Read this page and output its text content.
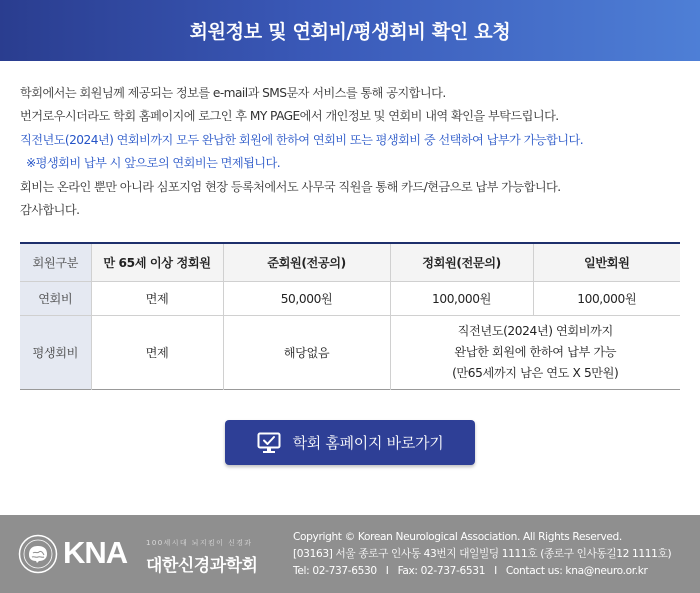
회원정보 및 연회비/평생회비 확인 요청

학회에서는 회원님께 제공되는 정보를 e-mail과 SMS문자 서비스를 통해 공지합니다.

번거로우시더라도 학회 홈페이지에 로그인 후 MY PAGE에서 개인정보 및 연회비 내역 확인을 부탁드립니다.

직전년도(2024년) 연회비까지 모두 완납한 회원에 한하여 연회비 또는 평생회비 중 선택하여 납부가 가능합니다.

※평생회비 납부 시 앞으로의 연회비는 면제됩니다.

회비는 온라인 뿐만 아니라 심포지엄 현장 등록처에서도 사무국 직원을 통해 카드/현금으로 납부 가능합니다.

감사합니다.

회원구분	만 65세 이상 정회원	준회원(전공의)	정회원(전문의)	일반회원
연회비	면제	50,000원	100,000원	100,000원
평생회비	면제	해당없음	직전년도(2024년) 연회비까지
완납한 회원에 한하여 납부 가능
(만65세까지 남은 연도 X 5만원)	
학회 홈페이지 바로가기
KNA	100세시대 뇌지킴이 신경과
대한신경과학회

Copyright © Korean Neurological Association. All Rights Reserved.

[03163] 서울 종로구 인사동 43번지 대일빌딩 1111호 (종로구 인사동길12 1111호)

Tel: 02-737-6530 I Fax: 02-737-6531 I Contact us: kna@neuro.or.kr
